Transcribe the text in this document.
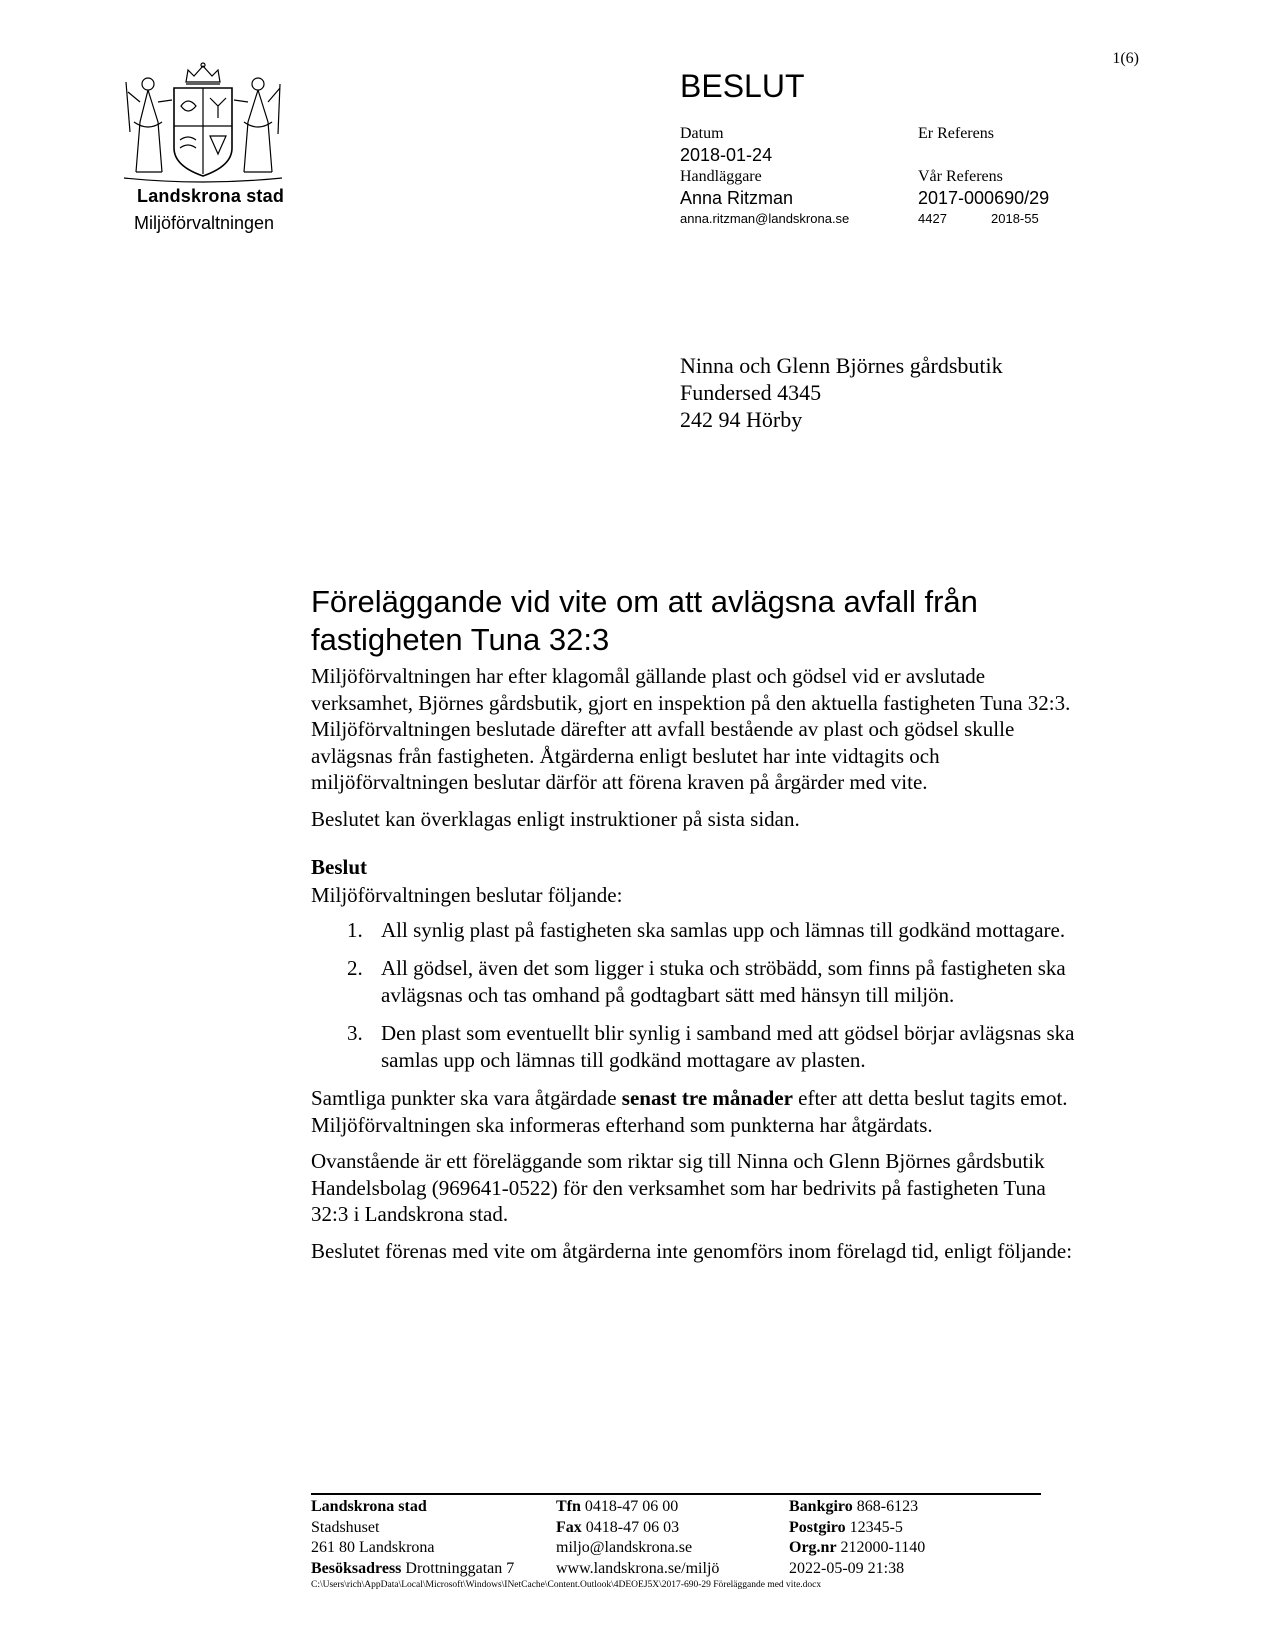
1(6)
Landskrona stad
Miljöförvaltningen
BESLUT
Datum
2018-01-24
Handläggare
Anna Ritzman
anna.ritzman@landskrona.se
Er Referens
Vår Referens
2017-000690/29
4427	2018-55
Ninna och Glenn Björnes gårdsbutik
Fundersed 4345
242 94 Hörby
Föreläggande vid vite om att avlägsna avfall från
fastigheten Tuna 32:3

Miljöförvaltningen har efter klagomål gällande plast och gödsel vid er avslutade verksamhet, Björnes gårdsbutik, gjort en inspektion på den aktuella fastigheten Tuna 32:3. Miljöförvaltningen beslutade därefter att avfall bestående av plast och gödsel skulle avlägsnas från fastigheten. Åtgärderna enligt beslutet har inte vidtagits och miljöförvaltningen beslutar därför att förena kraven på årgärder med vite.

Beslutet kan överklagas enligt instruktioner på sista sidan.

Beslut

Miljöförvaltningen beslutar följande:

1. All synlig plast på fastigheten ska samlas upp och lämnas till godkänd mottagare.
2. All gödsel, även det som ligger i stuka och ströbädd, som finns på fastigheten ska avlägsnas och tas omhand på godtagbart sätt med hänsyn till miljön.
3. Den plast som eventuellt blir synlig i samband med att gödsel börjar avlägsnas ska samlas upp och lämnas till godkänd mottagare av plasten.

Samtliga punkter ska vara åtgärdade senast tre månader efter att detta beslut tagits emot. Miljöförvaltningen ska informeras efterhand som punkterna har åtgärdats.

Ovanstående är ett föreläggande som riktar sig till Ninna och Glenn Björnes gårdsbutik Handelsbolag (969641-0522) för den verksamhet som har bedrivits på fastigheten Tuna 32:3 i Landskrona stad.

Beslutet förenas med vite om åtgärderna inte genomförs inom förelagd tid, enligt följande:

Landskrona stad
Stadshuset
261 80 Landskrona
Besöksadress Drottninggatan 7
Tfn 0418-47 06 00
Fax 0418-47 06 03
miljo@landskrona.se
www.landskrona.se/miljö
Bankgiro 868-6123
Postgiro 12345-5
Org.nr 212000-1140
2022-05-09 21:38
C:\Users\rich\AppData\Local\Microsoft\Windows\INetCache\Content.Outlook\4DEOEJ5X\2017-690-29 Föreläggande med vite.docx
